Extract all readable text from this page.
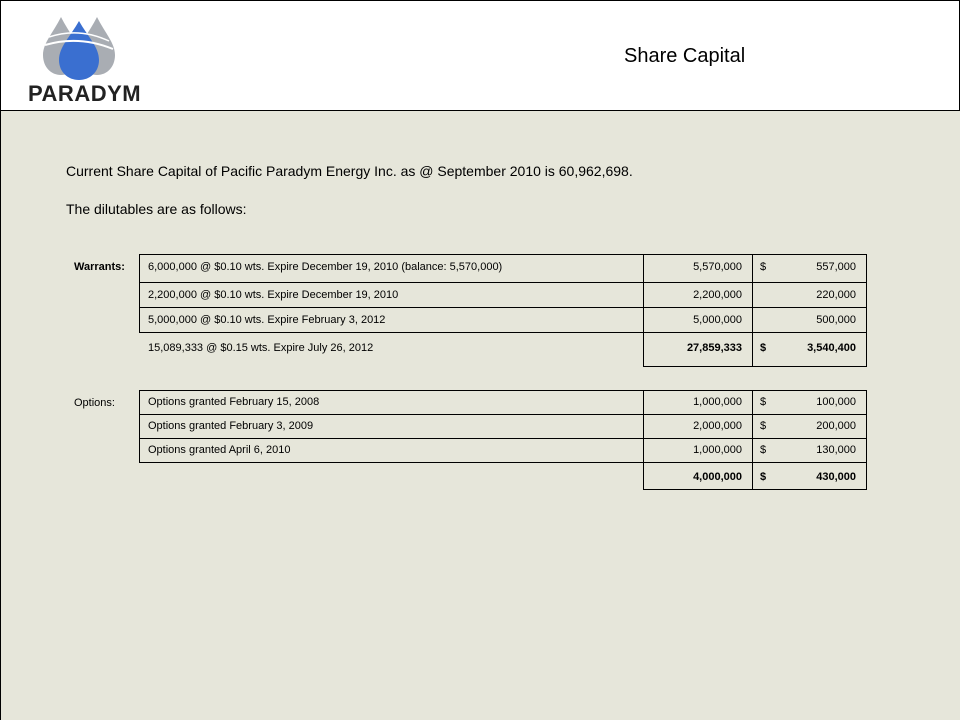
PARADYM
Share Capital
Current Share Capital of Pacific Paradym Energy Inc. as @ September 2010 is 60,962,698.
The dilutables are as follows:
Warrants:	6,000,000 @ $0.10 wts. Expire December 19, 2010 (balance: 5,570,000)	5,570,000	$	557,000
2,200,000 @ $0.10 wts. Expire December 19, 2010	2,200,000	220,000
5,000,000 @ $0.10 wts. Expire February 3, 2012	5,000,000	500,000
15,089,333 @ $0.15 wts. Expire July 26, 2012	27,859,333	$	3,540,400
Options:	Options granted February 15, 2008	1,000,000	$	100,000
Options granted February 3, 2009	2,000,000	$	200,000
Options granted April 6, 2010	1,000,000	$	130,000
4,000,000	$	430,000
